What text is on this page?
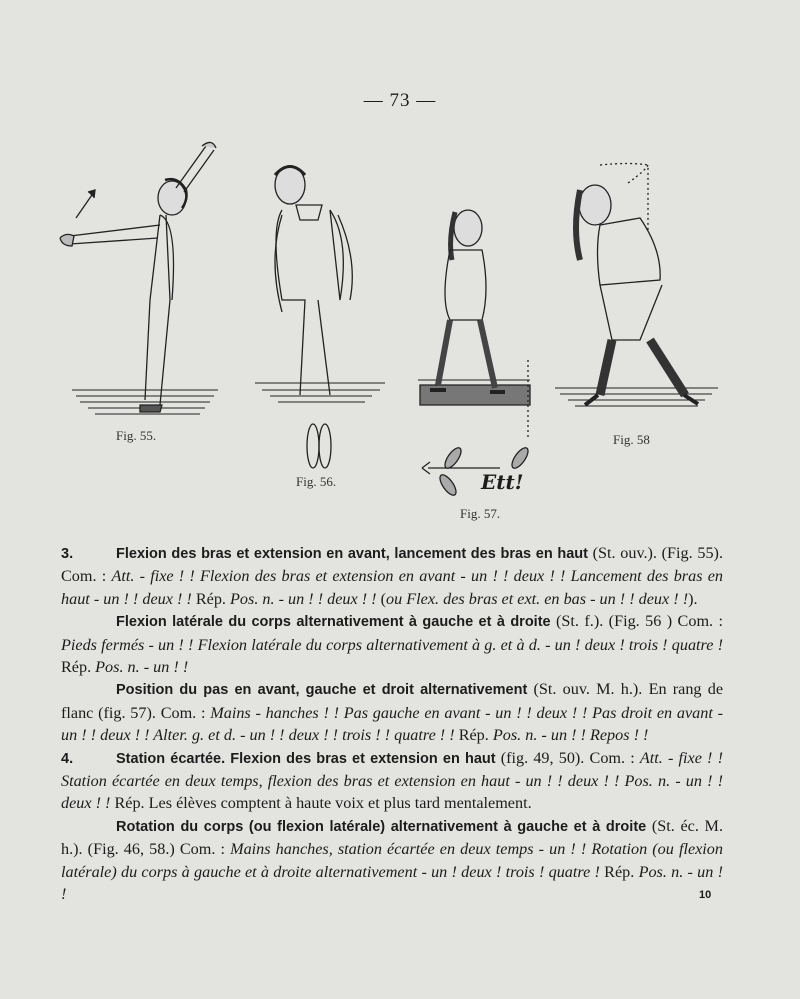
— 73 —
Fig. 55.
Fig. 56.
Fig. 57.
Fig. 58
Ett!

3.	Flexion des bras et extension en avant, lancement des bras en haut (St. ouv.). (Fig. 55). Com. : Att. - fixe ! ! Flexion des bras et extension en avant - un ! ! deux ! ! Lancement des bras en haut - un ! ! deux ! ! Rép. Pos. n. - un ! ! deux ! ! (ou Flex. des bras et ext. en bas - un ! ! deux ! !).

Flexion latérale du corps alternativement à gauche et à droite (St. f.). (Fig. 56 ) Com. : Pieds fermés - un ! ! Flexion latérale du corps alternativement à g. et à d. - un ! deux ! trois ! quatre ! Rép. Pos. n. - un ! !

Position du pas en avant, gauche et droit alternativement (St. ouv. M. h.). En rang de flanc (fig. 57). Com. : Mains - hanches ! ! Pas gauche en avant - un ! ! deux ! ! Pas droit en avant - un ! ! deux ! ! Alter. g. et d. - un ! ! deux ! ! trois ! ! quatre ! ! Rép. Pos. n. - un ! ! Repos ! !

4.	Station écartée. Flexion des bras et extension en haut (fig. 49, 50). Com. : Att. - fixe ! ! Station écartée en deux temps, flexion des bras et extension en haut - un ! ! deux ! ! Pos. n. - un ! ! deux ! ! Rép. Les élèves comptent à haute voix et plus tard mentalement.

Rotation du corps (ou flexion latérale) alternativement à gauche et à droite (St. éc. M. h.). (Fig. 46, 58.) Com. : Mains hanches, station écartée en deux temps - un ! ! Rotation (ou flexion latérale) du corps à gauche et à droite alternativement - un ! deux ! trois ! quatre ! Rép. Pos. n. - un ! !	10
